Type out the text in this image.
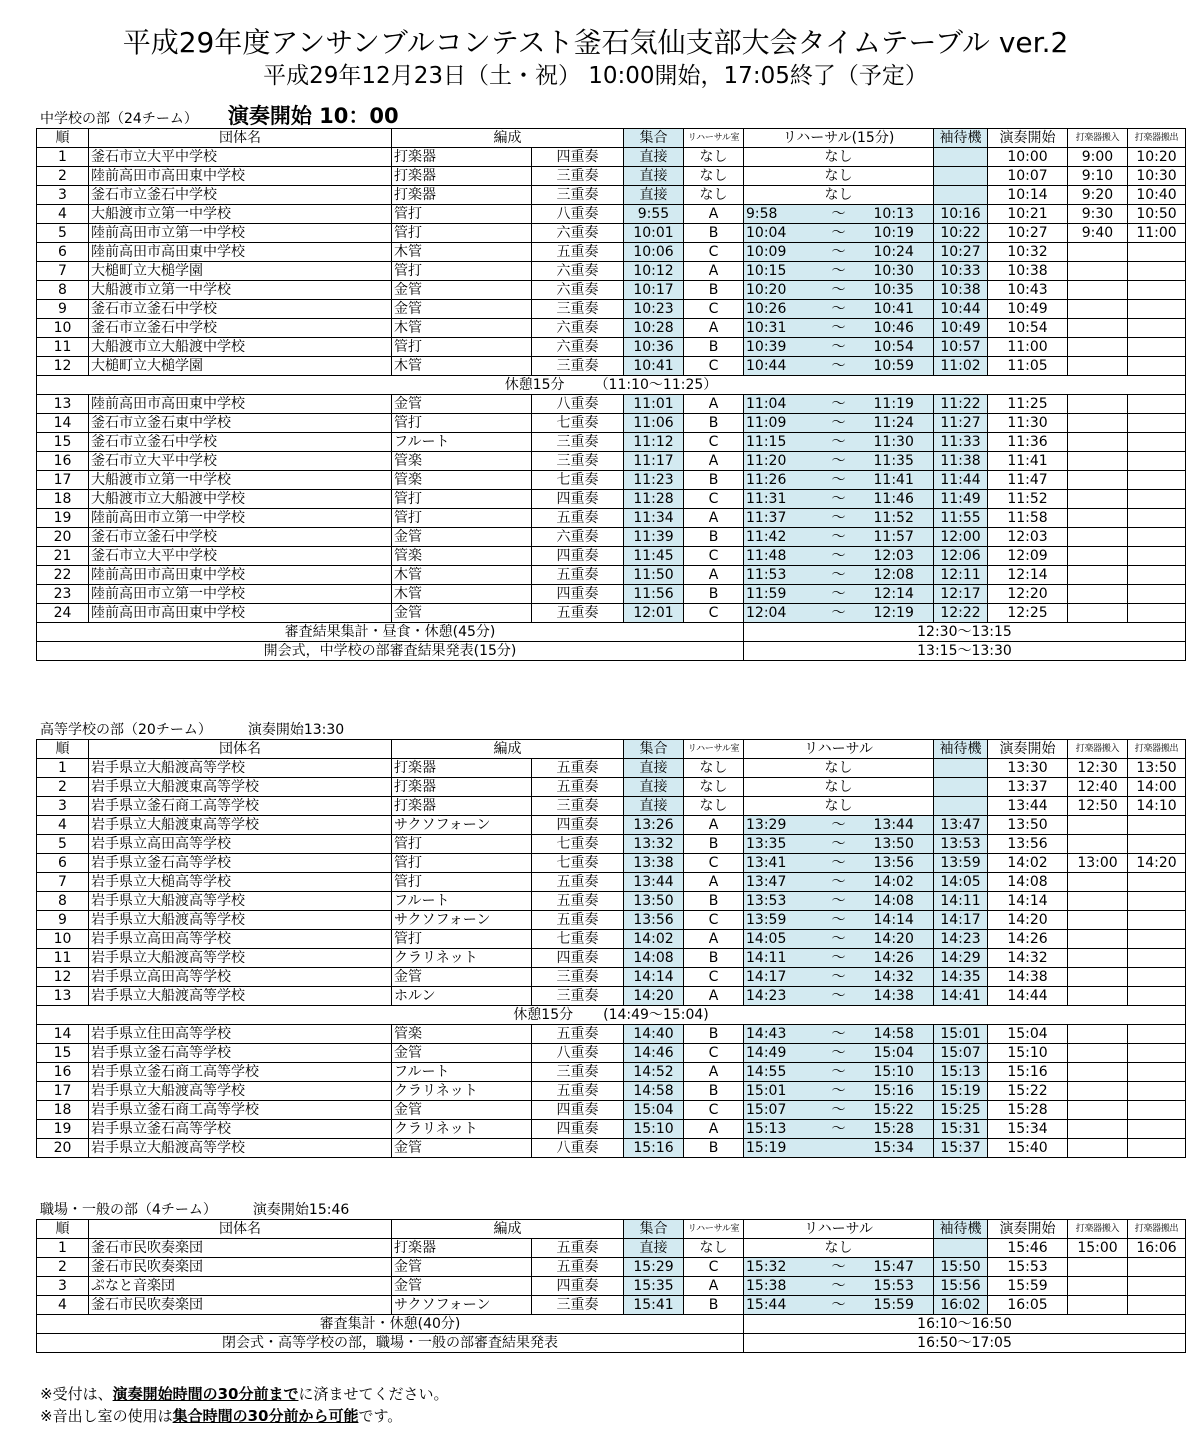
平成29年度アンサンブルコンテスト釜石気仙支部大会タイムテーブル ver.2
平成29年12月23日（土・祝） 10:00開始，17:05終了（予定）
中学校の部（24チーム） 演奏開始 10：00
順	団体名	編成		集合	リハーサル室	リハーサル(15分)			袖待機	演奏開始	打楽器搬入	打楽器搬出
1	釜石市立大平中学校	打楽器	四重奏	直接	なし	なし				10:00	9:00	10:20
2	陸前高田市高田東中学校	打楽器	三重奏	直接	なし	なし				10:07	9:10	10:30
3	釜石市立釜石中学校	打楽器	三重奏	直接	なし	なし				10:14	9:20	10:40
4	大船渡市立第一中学校	管打	八重奏	9:55	A	9:58	～	10:13	10:16	10:21	9:30	10:50
5	陸前高田市立第一中学校	管打	六重奏	10:01	B	10:04	～	10:19	10:22	10:27	9:40	11:00
6	陸前高田市高田東中学校	木管	五重奏	10:06	C	10:09	～	10:24	10:27	10:32		
7	大槌町立大槌学園	管打	六重奏	10:12	A	10:15	～	10:30	10:33	10:38		
8	大船渡市立第一中学校	金管	六重奏	10:17	B	10:20	～	10:35	10:38	10:43		
9	釜石市立釜石中学校	金管	三重奏	10:23	C	10:26	～	10:41	10:44	10:49		
10	釜石市立釜石中学校	木管	六重奏	10:28	A	10:31	～	10:46	10:49	10:54		
11	大船渡市立大船渡中学校	管打	六重奏	10:36	B	10:39	～	10:54	10:57	11:00		
12	大槌町立大槌学園	木管	三重奏	10:41	C	10:44	～	10:59	11:02	11:05		
休憩15分 （11:10～11:25）												
13	陸前高田市高田東中学校	金管	八重奏	11:01	A	11:04	～	11:19	11:22	11:25		
14	釜石市立釜石東中学校	管打	七重奏	11:06	B	11:09	～	11:24	11:27	11:30		
15	釜石市立釜石中学校	フルート	三重奏	11:12	C	11:15	～	11:30	11:33	11:36		
16	釜石市立大平中学校	管楽	三重奏	11:17	A	11:20	～	11:35	11:38	11:41		
17	大船渡市立第一中学校	管楽	七重奏	11:23	B	11:26	～	11:41	11:44	11:47		
18	大船渡市立大船渡中学校	管打	四重奏	11:28	C	11:31	～	11:46	11:49	11:52		
19	陸前高田市立第一中学校	管打	五重奏	11:34	A	11:37	～	11:52	11:55	11:58		
20	釜石市立釜石中学校	金管	六重奏	11:39	B	11:42	～	11:57	12:00	12:03		
21	釜石市立大平中学校	管楽	四重奏	11:45	C	11:48	～	12:03	12:06	12:09		
22	陸前高田市高田東中学校	木管	五重奏	11:50	A	11:53	～	12:08	12:11	12:14		
23	陸前高田市立第一中学校	木管	四重奏	11:56	B	11:59	～	12:14	12:17	12:20		
24	陸前高田市高田東中学校	金管	五重奏	12:01	C	12:04	～	12:19	12:22	12:25		
審査結果集計・昼食・休憩(45分)						12:30～13:15						
開会式，中学校の部審査結果発表(15分)						13:15～13:30						
高等学校の部（20チーム）	演奏開始13:30
順	団体名	編成		集合	リハーサル室	リハーサル			袖待機	演奏開始	打楽器搬入	打楽器搬出
1	岩手県立大船渡高等学校	打楽器	五重奏	直接	なし	なし				13:30	12:30	13:50
2	岩手県立大船渡東高等学校	打楽器	五重奏	直接	なし	なし				13:37	12:40	14:00
3	岩手県立釜石商工高等学校	打楽器	三重奏	直接	なし	なし				13:44	12:50	14:10
4	岩手県立大船渡東高等学校	サクソフォーン	四重奏	13:26	A	13:29	～	13:44	13:47	13:50		
5	岩手県立高田高等学校	管打	七重奏	13:32	B	13:35	～	13:50	13:53	13:56		
6	岩手県立釜石高等学校	管打	七重奏	13:38	C	13:41	～	13:56	13:59	14:02	13:00	14:20
7	岩手県立大槌高等学校	管打	五重奏	13:44	A	13:47	～	14:02	14:05	14:08		
8	岩手県立大船渡高等学校	フルート	五重奏	13:50	B	13:53	～	14:08	14:11	14:14		
9	岩手県立大船渡高等学校	サクソフォーン	五重奏	13:56	C	13:59	～	14:14	14:17	14:20		
10	岩手県立高田高等学校	管打	七重奏	14:02	A	14:05	～	14:20	14:23	14:26		
11	岩手県立大船渡高等学校	クラリネット	四重奏	14:08	B	14:11	～	14:26	14:29	14:32		
12	岩手県立高田高等学校	金管	三重奏	14:14	C	14:17	～	14:32	14:35	14:38		
13	岩手県立大船渡高等学校	ホルン	三重奏	14:20	A	14:23	～	14:38	14:41	14:44		
休憩15分 (14:49～15:04)												
14	岩手県立住田高等学校	管楽	五重奏	14:40	B	14:43	～	14:58	15:01	15:04		
15	岩手県立釜石高等学校	金管	八重奏	14:46	C	14:49	～	15:04	15:07	15:10		
16	岩手県立釜石商工高等学校	フルート	三重奏	14:52	A	14:55	～	15:10	15:13	15:16		
17	岩手県立大船渡高等学校	クラリネット	五重奏	14:58	B	15:01	～	15:16	15:19	15:22		
18	岩手県立釜石商工高等学校	金管	四重奏	15:04	C	15:07	～	15:22	15:25	15:28		
19	岩手県立釜石高等学校	クラリネット	四重奏	15:10	A	15:13	～	15:28	15:31	15:34		
20	岩手県立大船渡高等学校	金管	八重奏	15:16	B	15:19		15:34	15:37	15:40		
職場・一般の部（4チーム）	演奏開始15:46
順	団体名	編成		集合	リハーサル室	リハーサル			袖待機	演奏開始	打楽器搬入	打楽器搬出
1	釜石市民吹奏楽団	打楽器	五重奏	直接	なし	なし				15:46	15:00	16:06
2	釜石市民吹奏楽団	金管	五重奏	15:29	C	15:32	～	15:47	15:50	15:53		
3	ぷなと音楽団	金管	四重奏	15:35	A	15:38	～	15:53	15:56	15:59		
4	釜石市民吹奏楽団	サクソフォーン	三重奏	15:41	B	15:44	～	15:59	16:02	16:05		
審査集計・休憩(40分)						16:10～16:50						
閉会式・高等学校の部，職場・一般の部審査結果発表						16:50～17:05						
※受付は、演奏開始時間の30分前までに済ませてください。
※音出し室の使用は集合時間の30分前から可能です。
